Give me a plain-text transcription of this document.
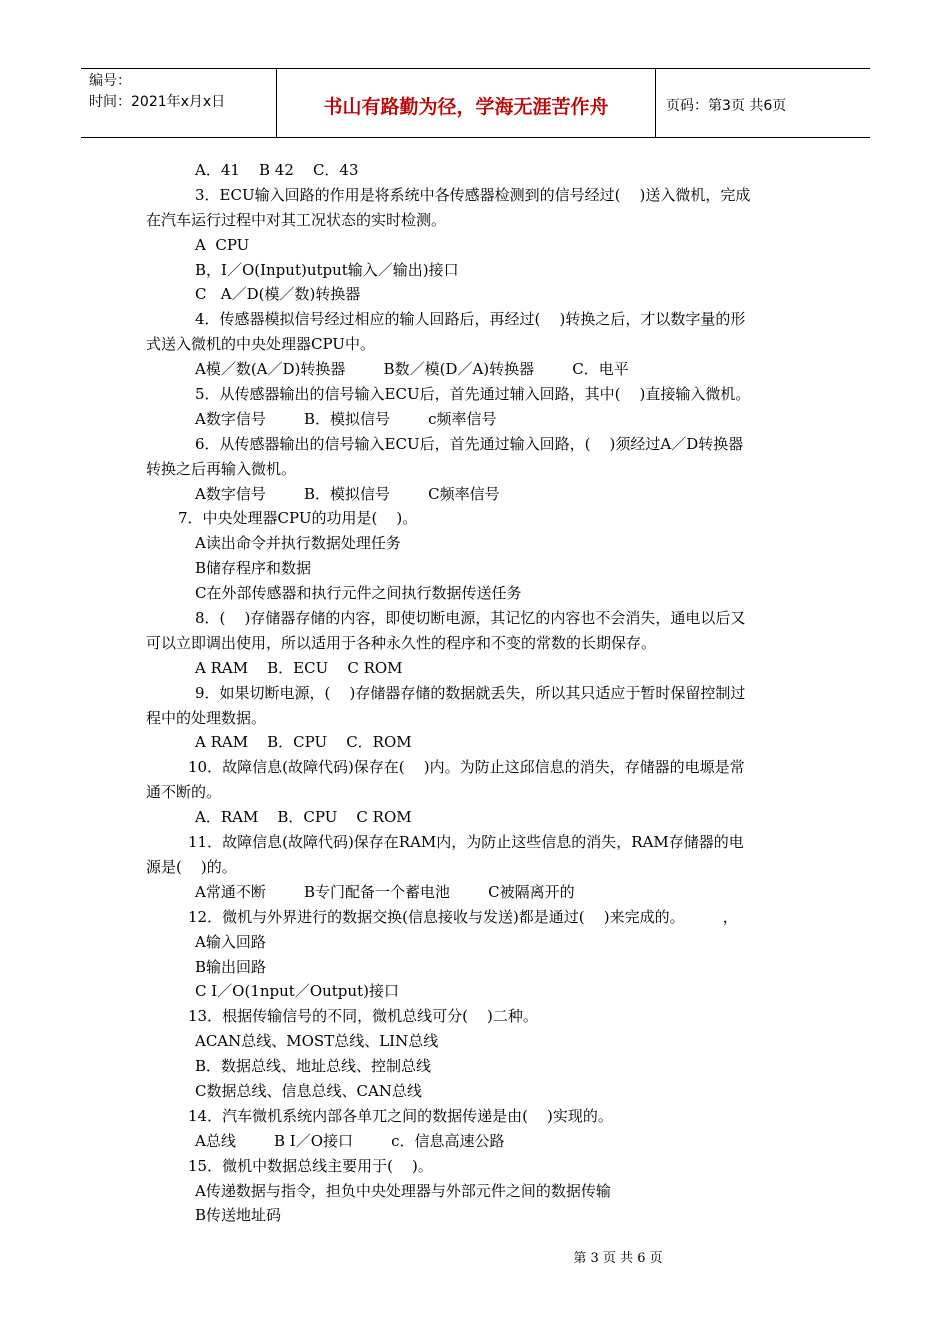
编号：
时间：2021年x月x日	书山有路勤为径，学海无涯苦作舟	页码：第3页 共6页
A．41    B 42    C．43
3．ECU输入回路的作用是将系统中各传感器检测到的信号经过(    )送入微机，完成
在汽车运行过程中对其工况状态的实时检测。
A  CPU
B，I／O(Input)utput输入／输出)接口
C   A／D(模／数)转换器
4．传感器模拟信号经过相应的输人回路后，再经过(    )转换之后，才以数字量的形
式送入微机的中央处理器CPU中。
A模／数(A／D)转换器        B数／模(D／A)转换器        C．电平
5．从传感器输出的信号输入ECU后，首先通过辅入回路，其中(    )直接输入微机。
A数字信号        B．模拟信号        c频率信号
6．从传感器输出的信号输入ECU后，首先通过输入回路，(    )须经过A／D转换器
转换之后再输入微机。
A数字信号        B．模拟信号        C频率信号
7．中央处理器CPU的功用是(    )。
A读出命令并执行数据处理任务
B储存程序和数据
C在外部传感器和执行元件之间执行数据传送任务
8．(    )存储器存储的内容，即使切断电源，其记忆的内容也不会消失，通电以后又
可以立即调出使用，所以适用于各种永久性的程序和不变的常数的长期保存。
A RAM    B．ECU    C ROM
9．如果切断电源，(    )存储器存储的数据就丢失，所以其只适应于暂时保留控制过
程中的处理数据。
A RAM    B．CPU    C．ROM
10．故障信息(故障代码)保存在(    )内。为防止这邱信息的消失，存储器的电塬是常
通不断的。
A．RAM    B．CPU    C ROM
11．故障信息(故障代码)保存在RAM内，为防止这些信息的消失，RAM存储器的电
源是(    )的。
A常通不断        B专门配备一个蓄电池        C被隔离开的
12．微机与外界进行的数据交换(信息接收与发送)都是通过(    )来完成的。        ，
A输入回路
B输出回路
C I／O(1nput／Output)接口
13．根据传输信号的不同，微机总线可分(    )二种。
ACAN总线、MOST总线、LIN总线
B．数据总线、地址总线、控制总线
C数据总线、信息总线、CAN总线
14．汽车微机系统内部各单兀之间的数据传递是由(    )实现的。
A总线        B I／O接口        c．信息高速公路
15．微机中数据总线主要用于(    )。
A传递数据与指令，担负中央处理器与外部元件之间的数据传输
B传送地址码
第 3 页 共 6 页
